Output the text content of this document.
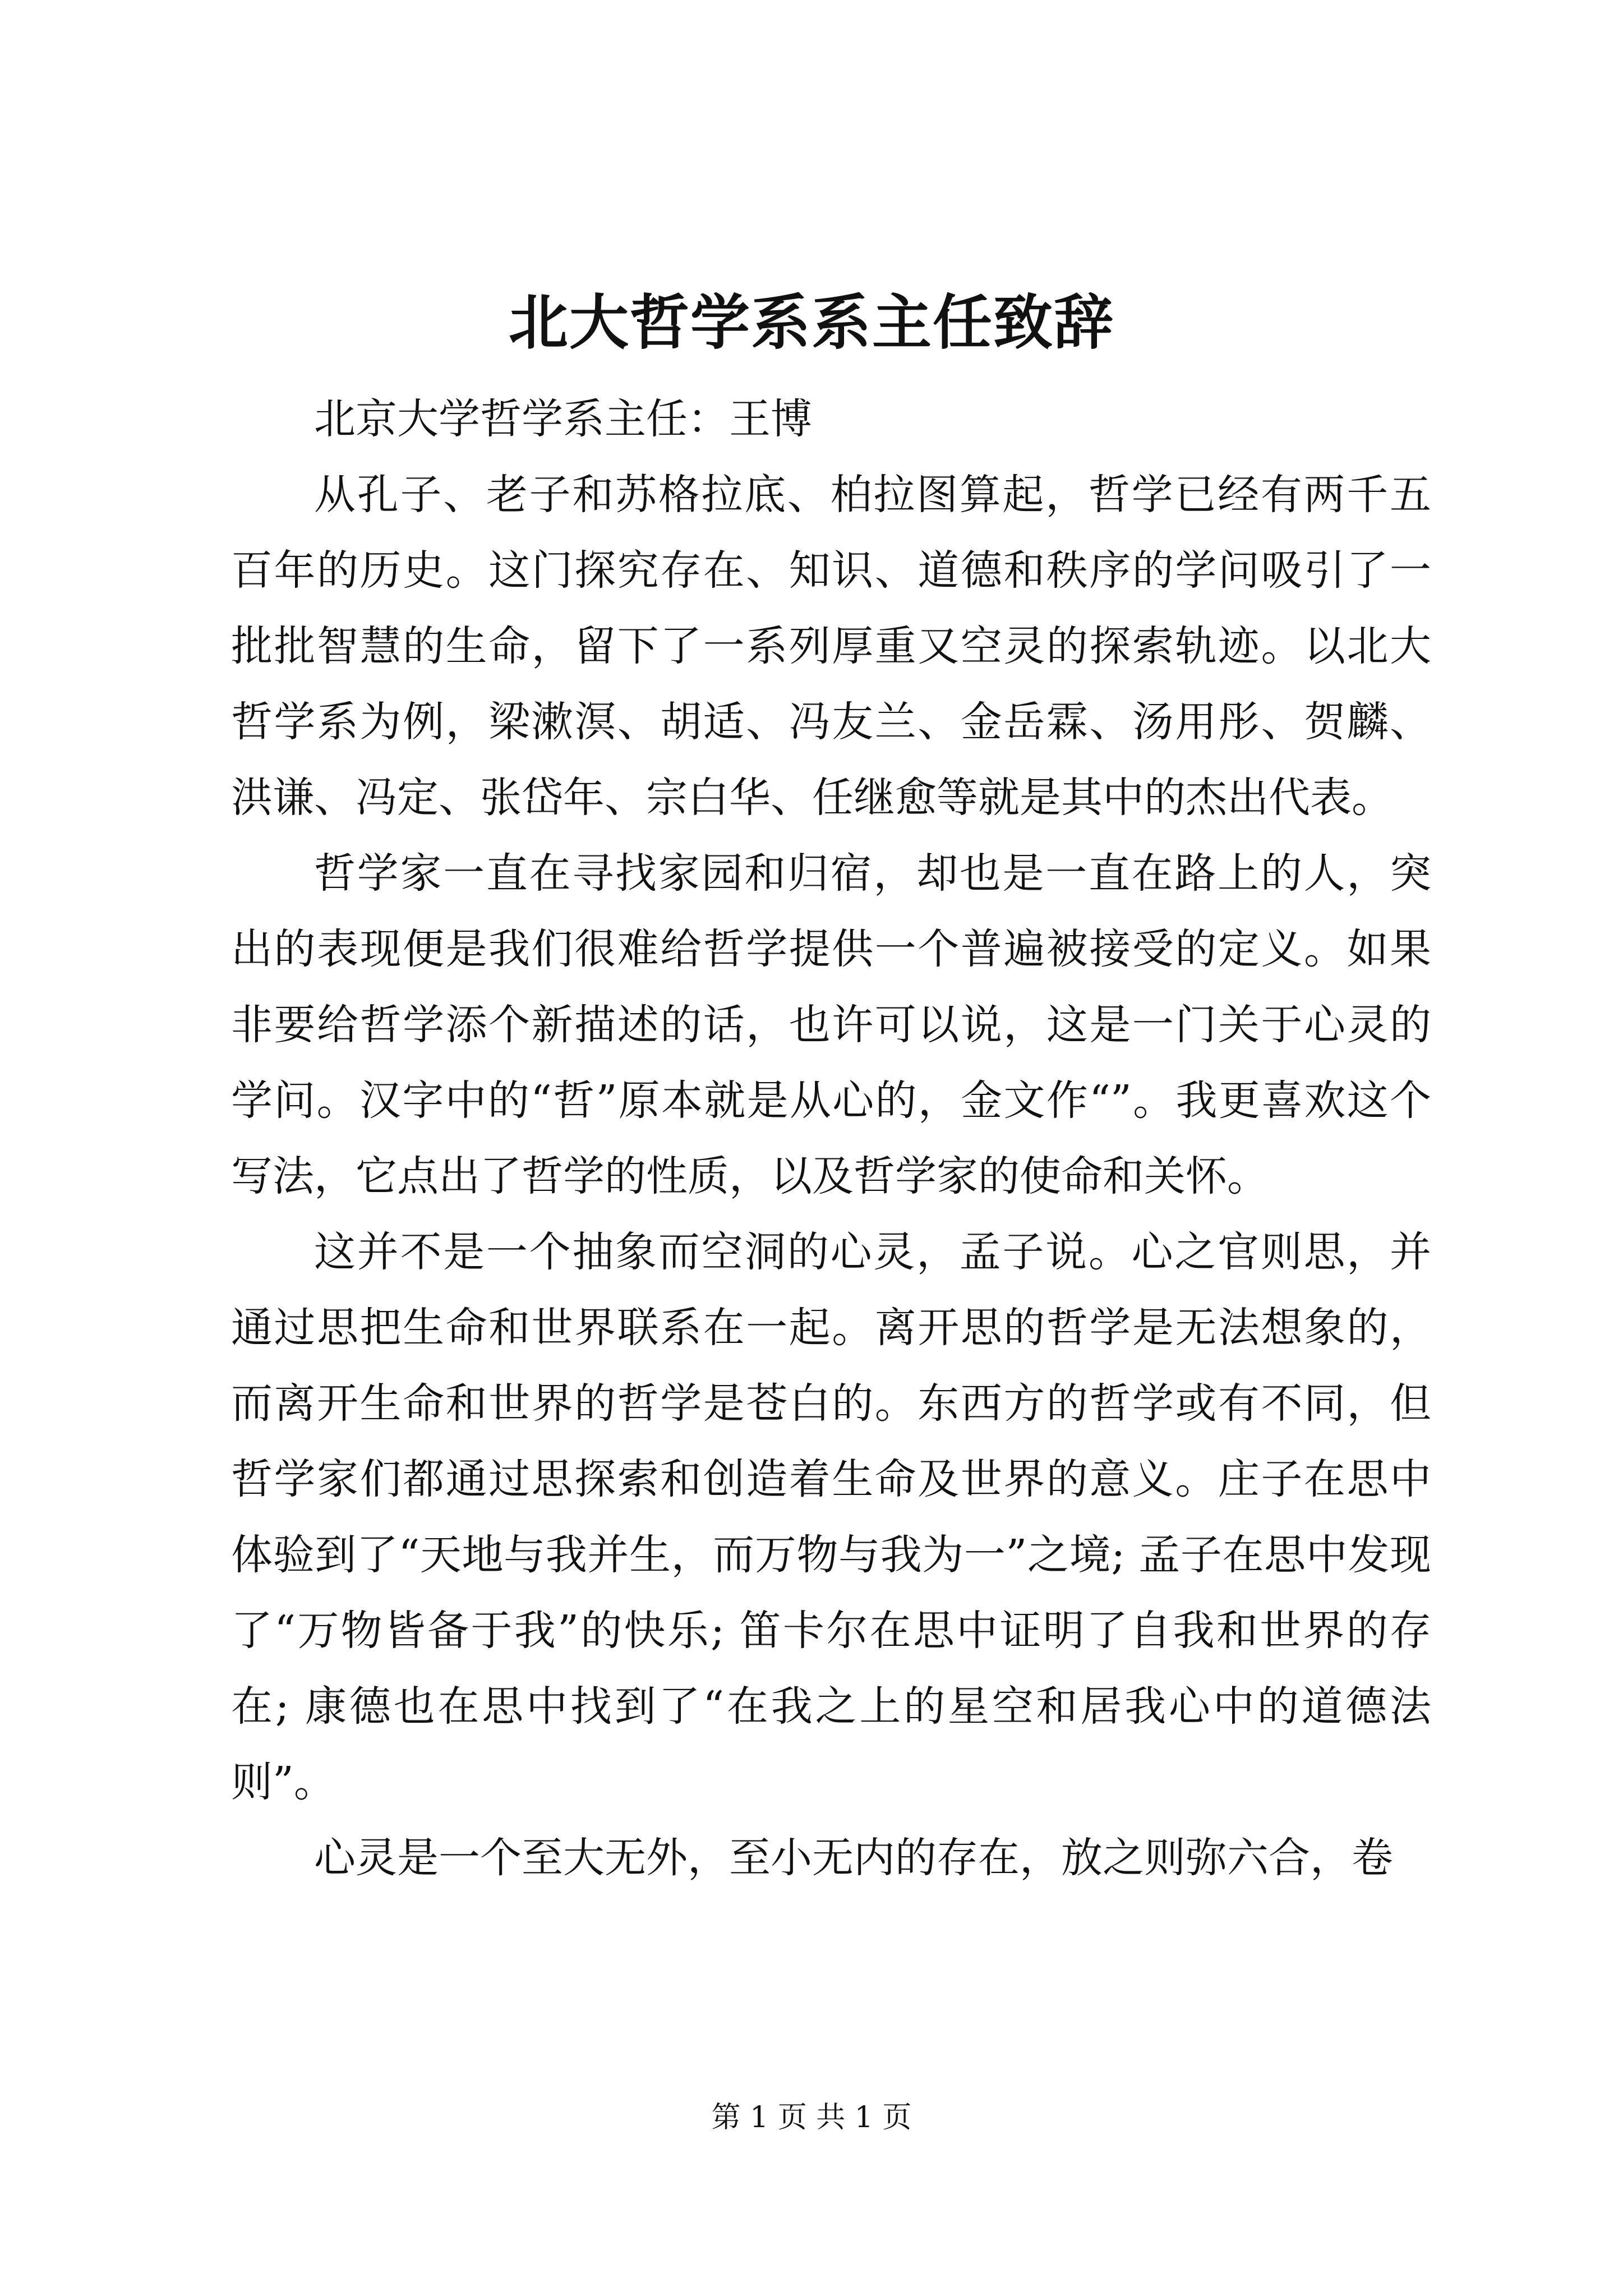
北大哲学系系主任致辞

北京大学哲学系主任：王博

从孔子、老子和苏格拉底、柏拉图算起，哲学已经有两千五百年的历史。这门探究存在、知识、道德和秩序的学问吸引了一批批智慧的生命，留下了一系列厚重又空灵的探索轨迹。以北大哲学系为例，梁漱溟、胡适、冯友兰、金岳霖、汤用彤、贺麟、洪谦、冯定、张岱年、宗白华、任继愈等就是其中的杰出代表。

哲学家一直在寻找家园和归宿，却也是一直在路上的人，突出的表现便是我们很难给哲学提供一个普遍被接受的定义。如果非要给哲学添个新描述的话，也许可以说，这是一门关于心灵的学问。汉字中的“哲”原本就是从心的，金文作“”。我更喜欢这个写法，它点出了哲学的性质，以及哲学家的使命和关怀。

这并不是一个抽象而空洞的心灵，孟子说。心之官则思，并通过思把生命和世界联系在一起。离开思的哲学是无法想象的，而离开生命和世界的哲学是苍白的。东西方的哲学或有不同，但哲学家们都通过思探索和创造着生命及世界的意义。庄子在思中体验到了“天地与我并生，而万物与我为一”之境; 孟子在思中发现了“万物皆备于我”的快乐; 笛卡尔在思中证明了自我和世界的存在; 康德也在思中找到了“在我之上的星空和居我心中的道德法则”。

心灵是一个至大无外，至小无内的存在，放之则弥六合，卷

第 1 页 共 1 页
